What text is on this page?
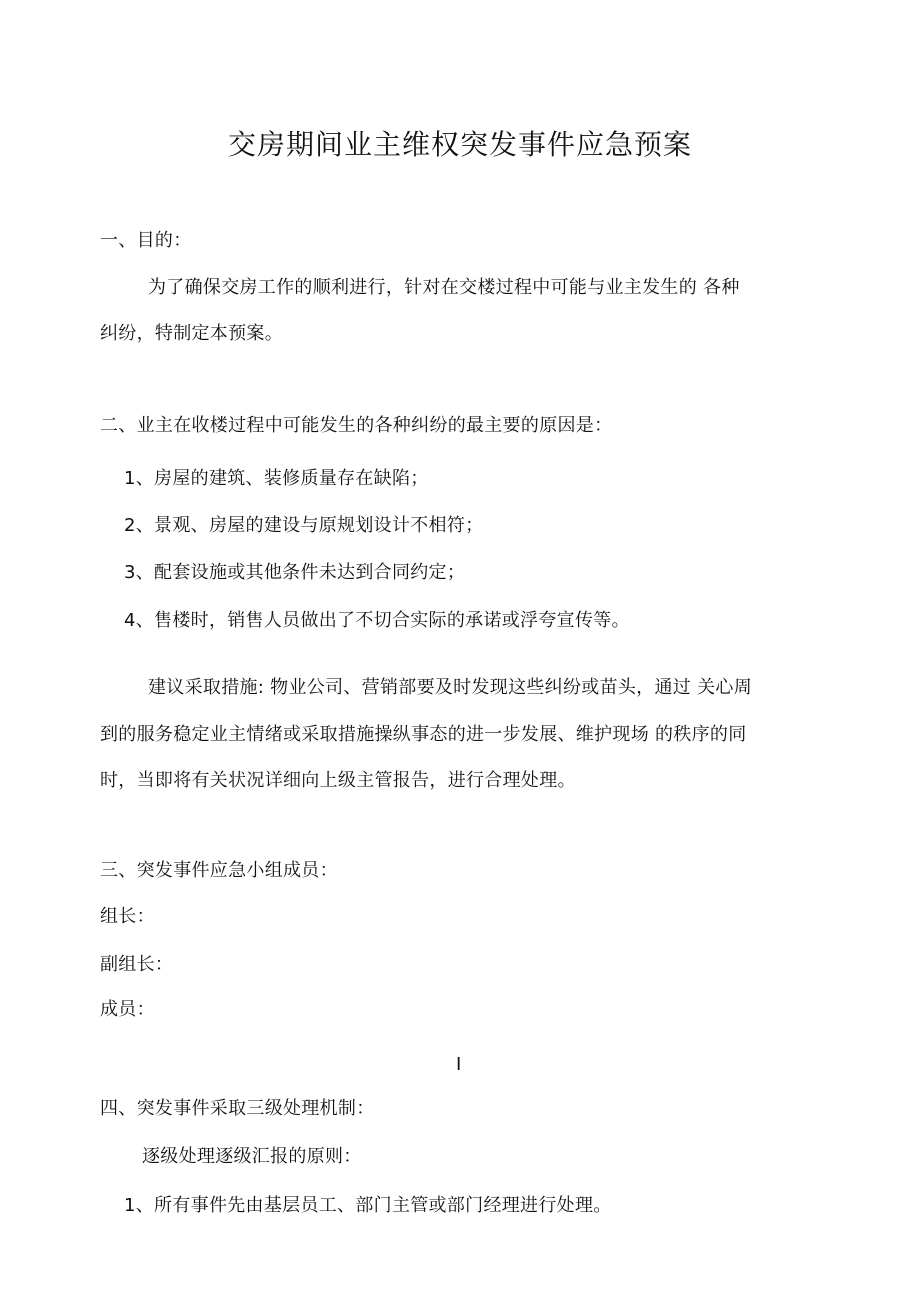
交房期间业主维权突发事件应急预案
一、目的：
为了确保交房工作的顺利进行，针对在交楼过程中可能与业主发生的 各种
纠纷，特制定本预案。
二、业主在收楼过程中可能发生的各种纠纷的最主要的原因是：
1、房屋的建筑、装修质量存在缺陷；
2、景观、房屋的建设与原规划设计不相符；
3、配套设施或其他条件未达到合同约定；
4、售楼时，销售人员做出了不切合实际的承诺或浮夸宣传等。
建议采取措施: 物业公司、营销部要及时发现这些纠纷或苗头，通过 关心周
到的服务稳定业主情绪或采取措施操纵事态的进一步发展、维护现场 的秩序的同
时，当即将有关状况详细向上级主管报告，进行合理处理。
三、突发事件应急小组成员：
组长：
副组长：
成员：
I
四、突发事件采取三级处理机制：
逐级处理逐级汇报的原则：
1、所有事件先由基层员工、部门主管或部门经理进行处理。
